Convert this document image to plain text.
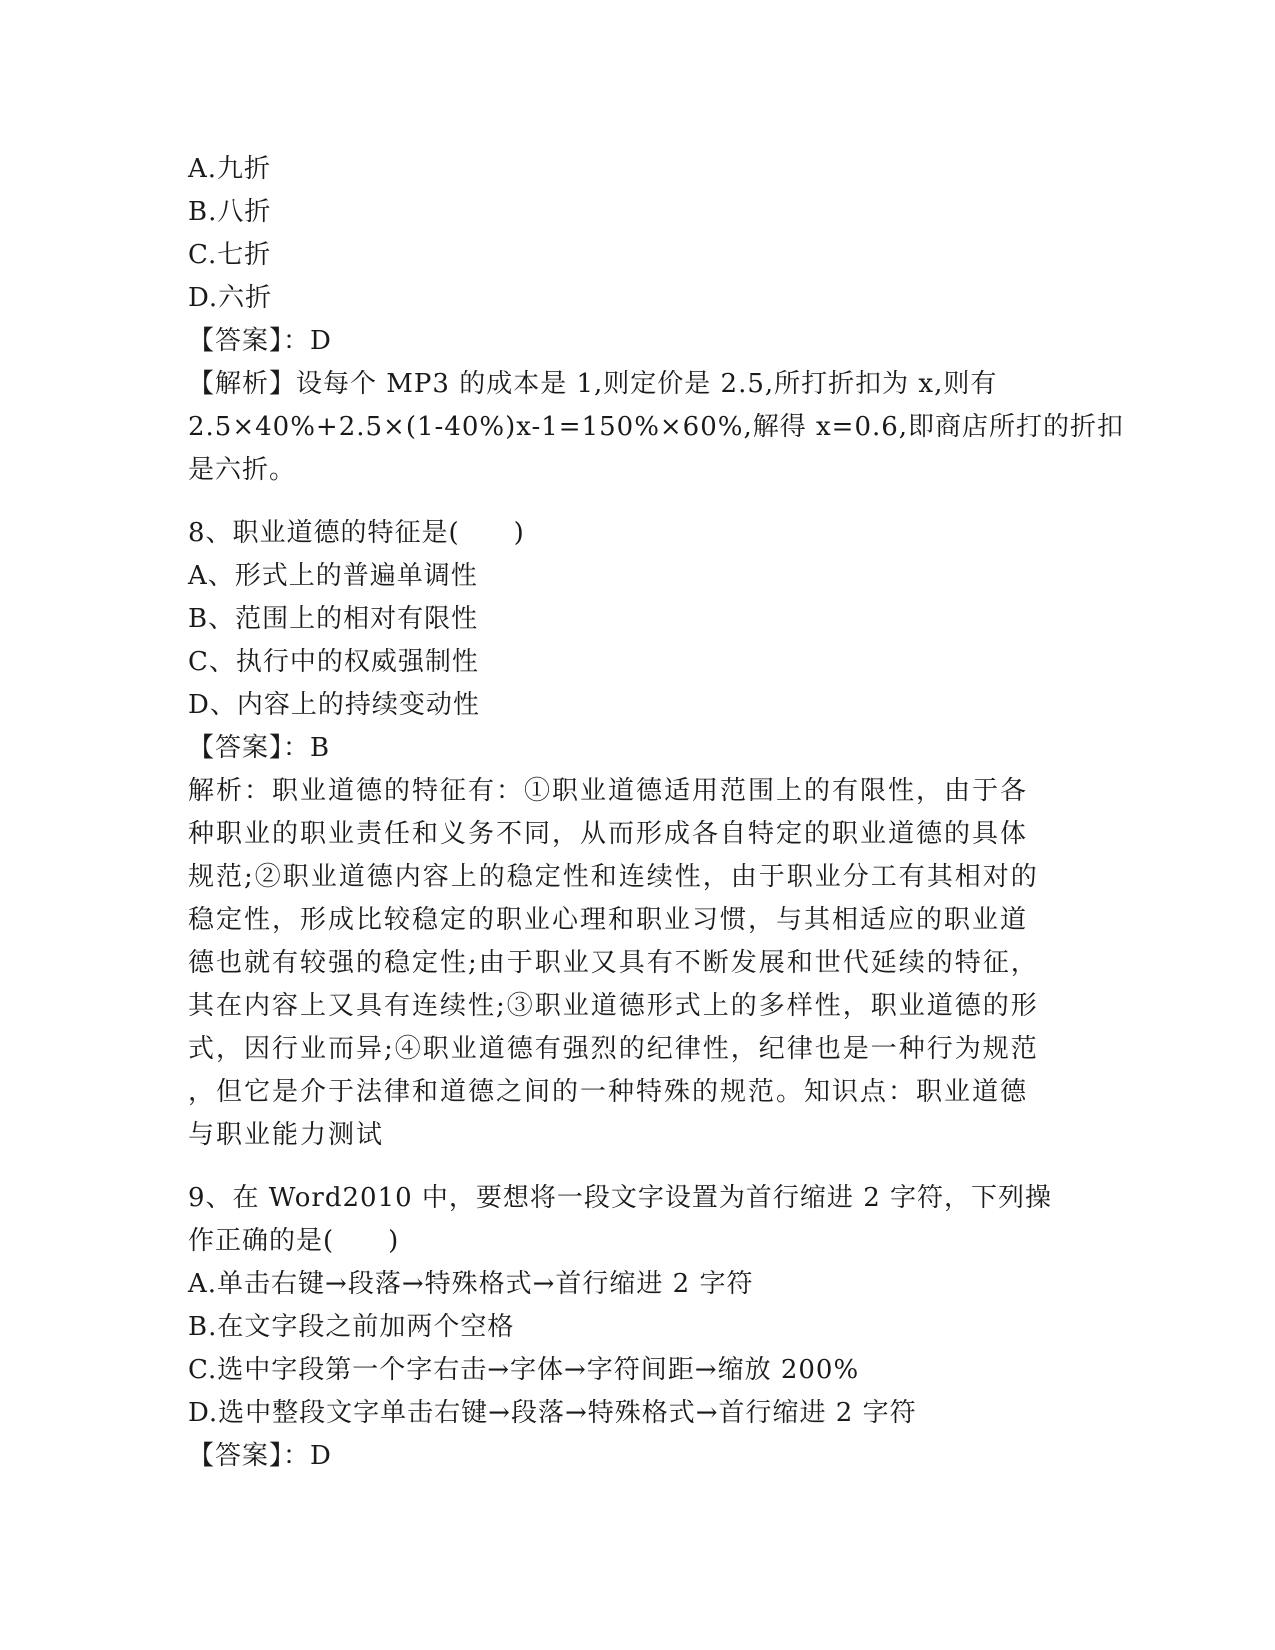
A.九折
B.八折
C.七折
D.六折
【答案】：D
【解析】设每个 MP3 的成本是 1,则定价是 2.5,所打折扣为 x,则有
2.5×40%+2.5×(1-40%)x-1=150%×60%,解得 x=0.6,即商店所打的折扣
是六折。
8、职业道德的特征是(　　)
A、形式上的普遍单调性
B、范围上的相对有限性
C、执行中的权威强制性
D、内容上的持续变动性
【答案】：B
解析：职业道德的特征有：①职业道德适用范围上的有限性，由于各
种职业的职业责任和义务不同，从而形成各自特定的职业道德的具体
规范;②职业道德内容上的稳定性和连续性，由于职业分工有其相对的
稳定性，形成比较稳定的职业心理和职业习惯，与其相适应的职业道
德也就有较强的稳定性;由于职业又具有不断发展和世代延续的特征，
其在内容上又具有连续性;③职业道德形式上的多样性，职业道德的形
式，因行业而异;④职业道德有强烈的纪律性，纪律也是一种行为规范
，但它是介于法律和道德之间的一种特殊的规范。知识点：职业道德
与职业能力测试
9、在 Word2010 中，要想将一段文字设置为首行缩进 2 字符，下列操
作正确的是(　　)
A.单击右键→段落→特殊格式→首行缩进 2 字符
B.在文字段之前加两个空格
C.选中字段第一个字右击→字体→字符间距→缩放 200%
D.选中整段文字单击右键→段落→特殊格式→首行缩进 2 字符
【答案】：D
